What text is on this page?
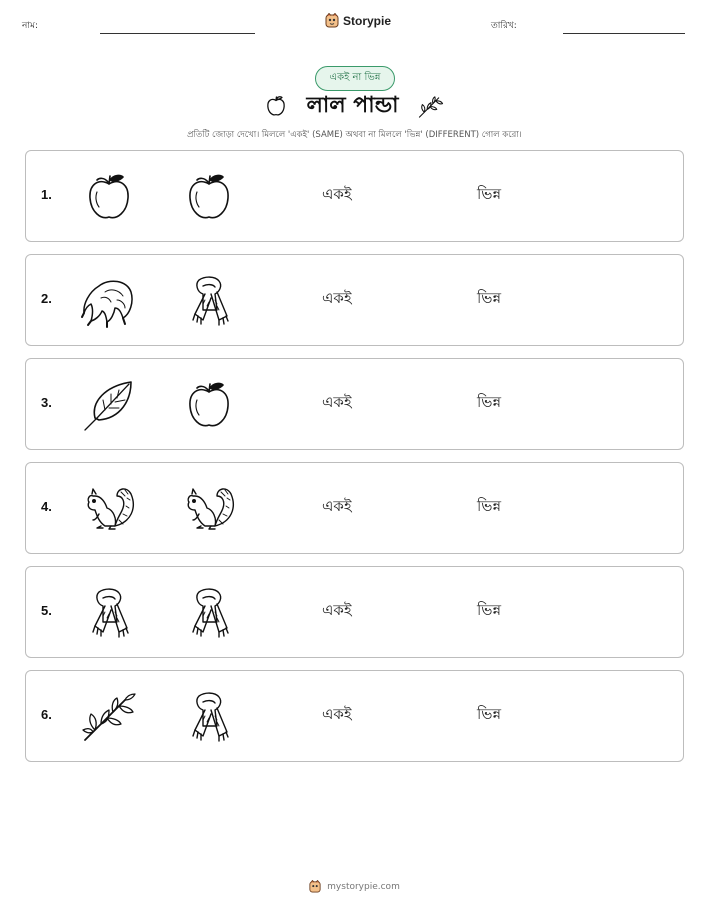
নাম:	Storypie	তারিখ:
একই না ভিন্ন
লাল পান্ডা
প্রতিটি জোড়া দেখো। মিললে 'একই' (SAME) অথবা না মিললে 'ভিন্ন' (DIFFERENT) গোল করো।
1.	একই	ভিন্ন
2.	একই	ভিন্ন
3.	একই	ভিন্ন
4.	একই	ভিন্ন
5.	একই	ভিন্ন
6.	একই	ভিন্ন
mystorypie.com
